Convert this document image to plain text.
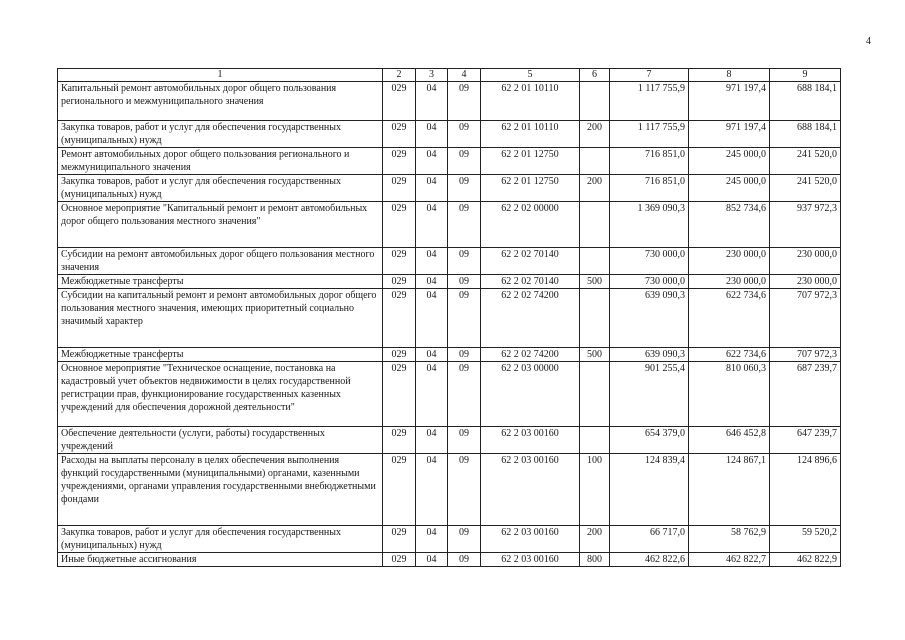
4
1	2	3	4	5	6	7	8	9
Капитальный ремонт автомобильных дорог общего пользования регионального и межмуниципального значения	029	04	09	62 2 01 10110		1 117 755,9	971 197,4	688 184,1
Закупка товаров, работ и услуг для обеспечения государственных (муниципальных) нужд	029	04	09	62 2 01 10110	200	1 117 755,9	971 197,4	688 184,1
Ремонт автомобильных дорог общего пользования регионального и межмуниципального значения	029	04	09	62 2 01 12750		716 851,0	245 000,0	241 520,0
Закупка товаров, работ и услуг для обеспечения государственных (муниципальных) нужд	029	04	09	62 2 01 12750	200	716 851,0	245 000,0	241 520,0
Основное мероприятие "Капитальный ремонт и ремонт автомобильных дорог общего пользования местного значения"	029	04	09	62 2 02 00000		1 369 090,3	852 734,6	937 972,3
Субсидии на ремонт автомобильных дорог общего пользования местного значения	029	04	09	62 2 02 70140		730 000,0	230 000,0	230 000,0
Межбюджетные трансферты	029	04	09	62 2 02 70140	500	730 000,0	230 000,0	230 000,0
Субсидии на капитальный ремонт и ремонт автомобильных дорог общего пользования местного значения, имеющих приоритетный социально значимый характер	029	04	09	62 2 02 74200		639 090,3	622 734,6	707 972,3
Межбюджетные трансферты	029	04	09	62 2 02 74200	500	639 090,3	622 734,6	707 972,3
Основное мероприятие "Техническое оснащение, постановка на кадастровый учет объектов недвижимости в целях государственной регистрации прав, функционирование государственных казенных учреждений для обеспечения дорожной деятельности"	029	04	09	62 2 03 00000		901 255,4	810 060,3	687 239,7
Обеспечение деятельности (услуги, работы) государственных учреждений	029	04	09	62 2 03 00160		654 379,0	646 452,8	647 239,7
Расходы на выплаты персоналу в целях обеспечения выполнения функций государственными (муниципальными) органами, казенными учреждениями, органами управления государственными внебюджетными фондами	029	04	09	62 2 03 00160	100	124 839,4	124 867,1	124 896,6
Закупка товаров, работ и услуг для обеспечения государственных (муниципальных) нужд	029	04	09	62 2 03 00160	200	66 717,0	58 762,9	59 520,2
Иные бюджетные ассигнования	029	04	09	62 2 03 00160	800	462 822,6	462 822,7	462 822,9
